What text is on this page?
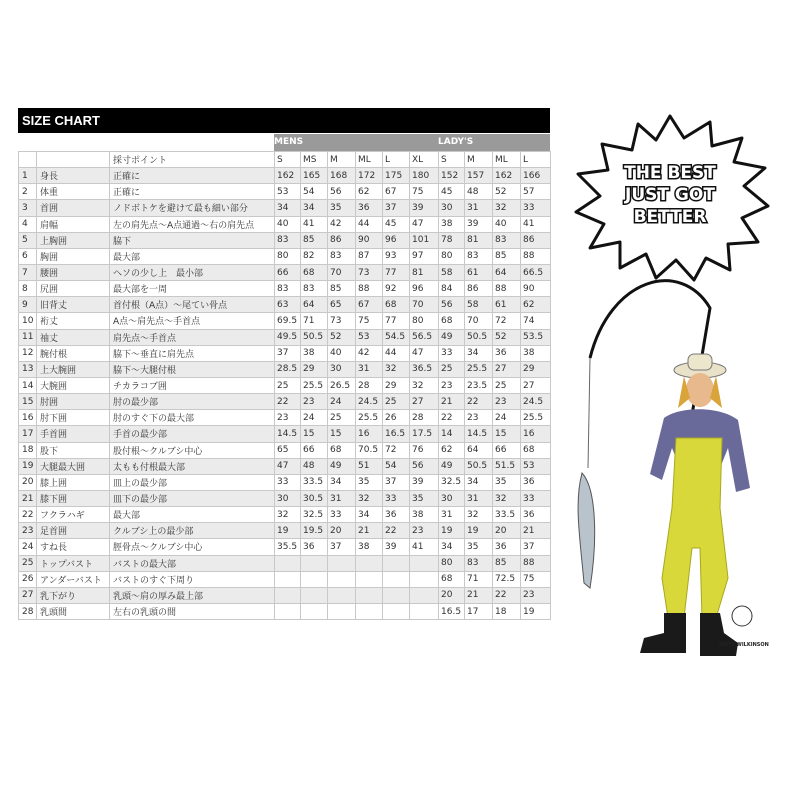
SIZE CHART
MENS	LADY'S
		採寸ポイント	S	MS	M	ML	L	XL	S	M	ML	L
1	身長	正確に	162	165	168	172	175	180	152	157	162	166
2	体重	正確に	53	54	56	62	67	75	45	48	52	57
3	首囲	ノドボトケを避けて最も細い部分	34	34	35	36	37	39	30	31	32	33
4	肩幅	左の肩先点～A点通過～右の肩先点	40	41	42	44	45	47	38	39	40	41
5	上胸囲	脇下	83	85	86	90	96	101	78	81	83	86
6	胸囲	最大部	80	82	83	87	93	97	80	83	85	88
7	腰囲	ヘソの少し上　最小部	66	68	70	73	77	81	58	61	64	66.5
8	尻囲	最大部を一周	83	83	85	88	92	96	84	86	88	90
9	旧背丈	首付根（A点）～尾てい骨点	63	64	65	67	68	70	56	58	61	62
10	裄丈	A点～肩先点～手首点	69.5	71	73	75	77	80	68	70	72	74
11	袖丈	肩先点～手首点	49.5	50.5	52	53	54.5	56.5	49	50.5	52	53.5
12	腕付根	脇下～垂直に肩先点	37	38	40	42	44	47	33	34	36	38
13	上大腕囲	脇下～大腿付根	28.5	29	30	31	32	36.5	25	25.5	27	29
14	大腕囲	チカラコブ囲	25	25.5	26.5	28	29	32	23	23.5	25	27
15	肘囲	肘の最少部	22	23	24	24.5	25	27	21	22	23	24.5
16	肘下囲	肘のすぐ下の最大部	23	24	25	25.5	26	28	22	23	24	25.5
17	手首囲	手首の最少部	14.5	15	15	16	16.5	17.5	14	14.5	15	16
18	股下	股付根～クルブシ中心	65	66	68	70.5	72	76	62	64	66	68
19	大腿最大囲	太もも付根最大部	47	48	49	51	54	56	49	50.5	51.5	53
20	膝上囲	皿上の最少部	33	33.5	34	35	37	39	32.5	34	35	36
21	膝下囲	皿下の最少部	30	30.5	31	32	33	35	30	31	32	33
22	フクラハギ	最大部	32	32.5	33	34	36	38	31	32	33.5	36
23	足首囲	クルブシ上の最少部	19	19.5	20	21	22	23	19	19	20	21
24	すね長	脛骨点～クルブシ中心	35.5	36	37	38	39	41	34	35	36	37
25	トップバスト	バストの最大部							80	83	85	88
26	アンダーバスト	バストのすぐ下周り							68	71	72.5	75
27	乳下がり	乳頭～肩の厚み最上部							20	21	22	23
28	乳頭間	左右の乳頭の間							16.5	17	18	19
THE BEST
JUST GOT
BETTER
MATT WILKINSON
